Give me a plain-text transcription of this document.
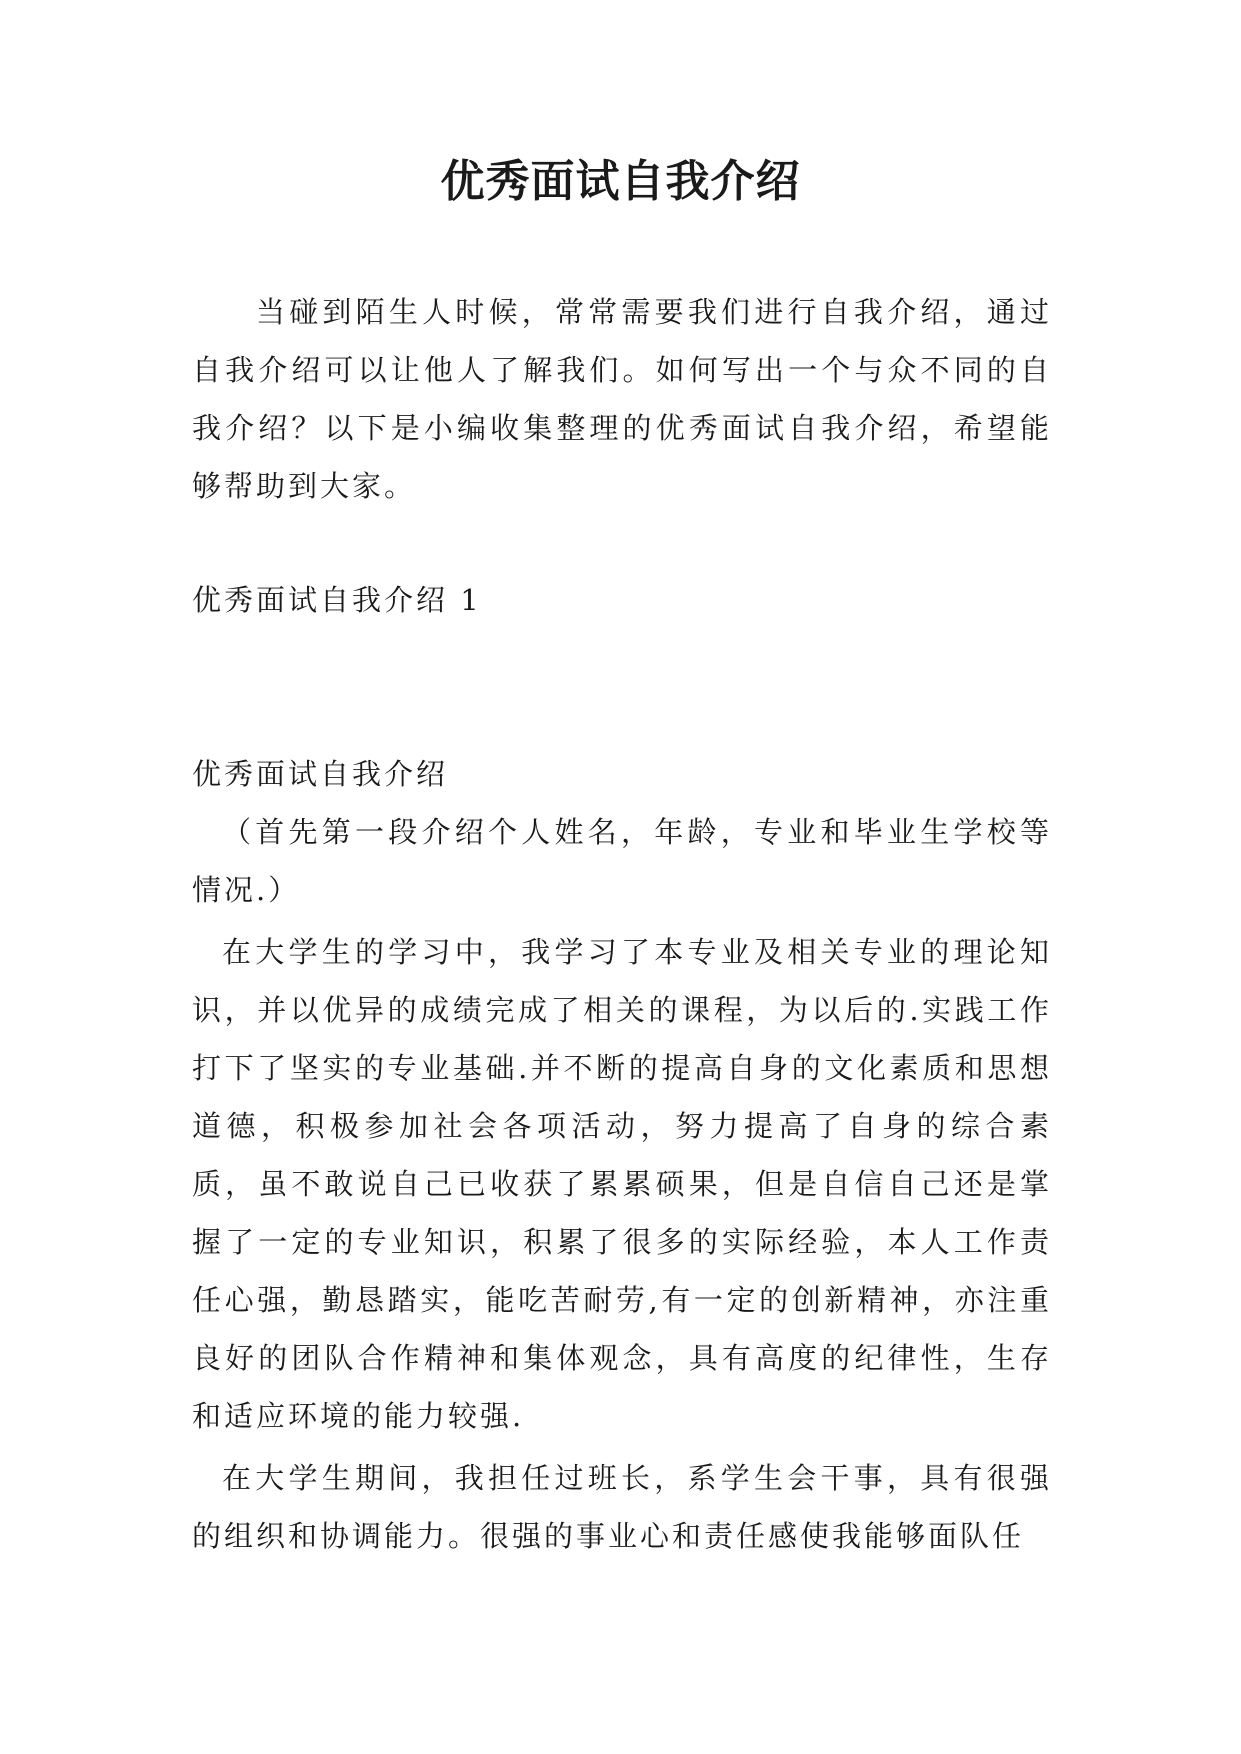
优秀面试自我介绍

当碰到陌生人时候，常常需要我们进行自我介绍，通过自我介绍可以让他人了解我们。如何写出一个与众不同的自我介绍？以下是小编收集整理的优秀面试自我介绍，希望能够帮助到大家。

优秀面试自我介绍 1

优秀面试自我介绍

（首先第一段介绍个人姓名，年龄，专业和毕业生学校等情况.）

在大学生的学习中，我学习了本专业及相关专业的理论知识，并以优异的成绩完成了相关的课程，为以后的.实践工作打下了坚实的专业基础.并不断的提高自身的文化素质和思想道德，积极参加社会各项活动，努力提高了自身的综合素质，虽不敢说自己已收获了累累硕果，但是自信自己还是掌握了一定的专业知识，积累了很多的实际经验，本人工作责任心强，勤恳踏实，能吃苦耐劳,有一定的创新精神，亦注重良好的团队合作精神和集体观念，具有高度的纪律性，生存和适应环境的能力较强.

在大学生期间，我担任过班长，系学生会干事，具有很强的组织和协调能力。很强的事业心和责任感使我能够面队任
